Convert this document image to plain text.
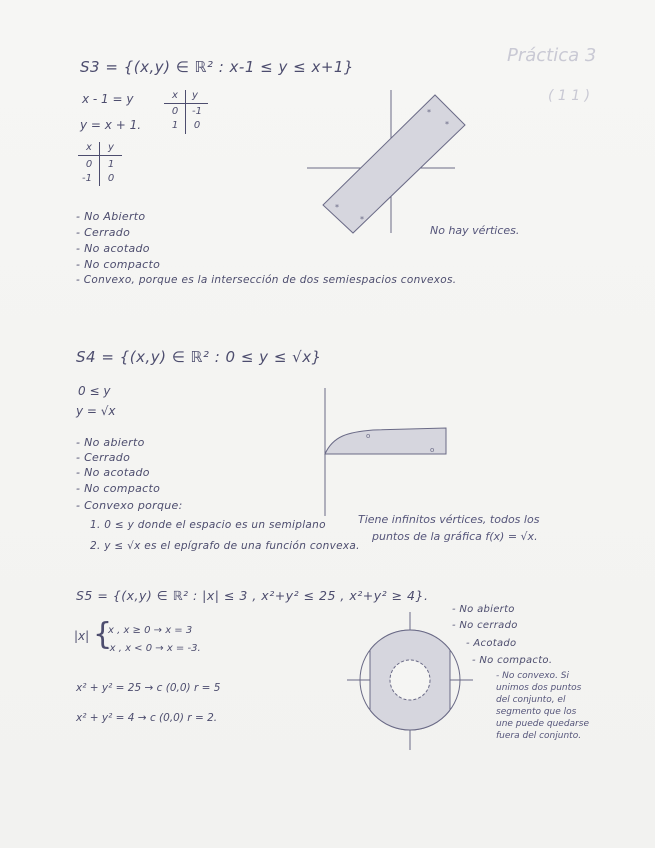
Práctica 3
( 1 1 )
S3 = {(x,y) ∈ ℝ² : x-1 ≤ y ≤ x+1}
x - 1 = y
y = x + 1.
x	y
0	-1
1	0
x	y
0	1
-1	0
*
*
*
*
No hay vértices.
- No Abierto
- Cerrado
- No acotado
- No compacto
- Convexo, porque es la intersección de dos semiespacios convexos.
S4 = {(x,y) ∈ ℝ² : 0 ≤ y ≤ √x}
0 ≤ y
y = √x
o
o
- No abierto
- Cerrado
- No acotado
- No compacto
- Convexo porque:
1. 0 ≤ y donde el espacio es un semiplano
2. y ≤ √x es el epígrafo de una función convexa.
Tiene infinitos vértices, todos los
puntos de la gráfica f(x) = √x.
S5 = {(x,y) ∈ ℝ² : |x| ≤ 3 , x²+y² ≤ 25 , x²+y² ≥ 4}.
|x| {
x , x ≥ 0 → x = 3
-x , x < 0 → x = -3.
x² + y² = 25 → c (0,0) r = 5
x² + y² = 4 → c (0,0) r = 2.
- No abierto
- No cerrado
- Acotado
- No compacto.
- No convexo. Si unimos dos puntos del conjunto, el segmento que los une puede quedarse fuera del conjunto.
